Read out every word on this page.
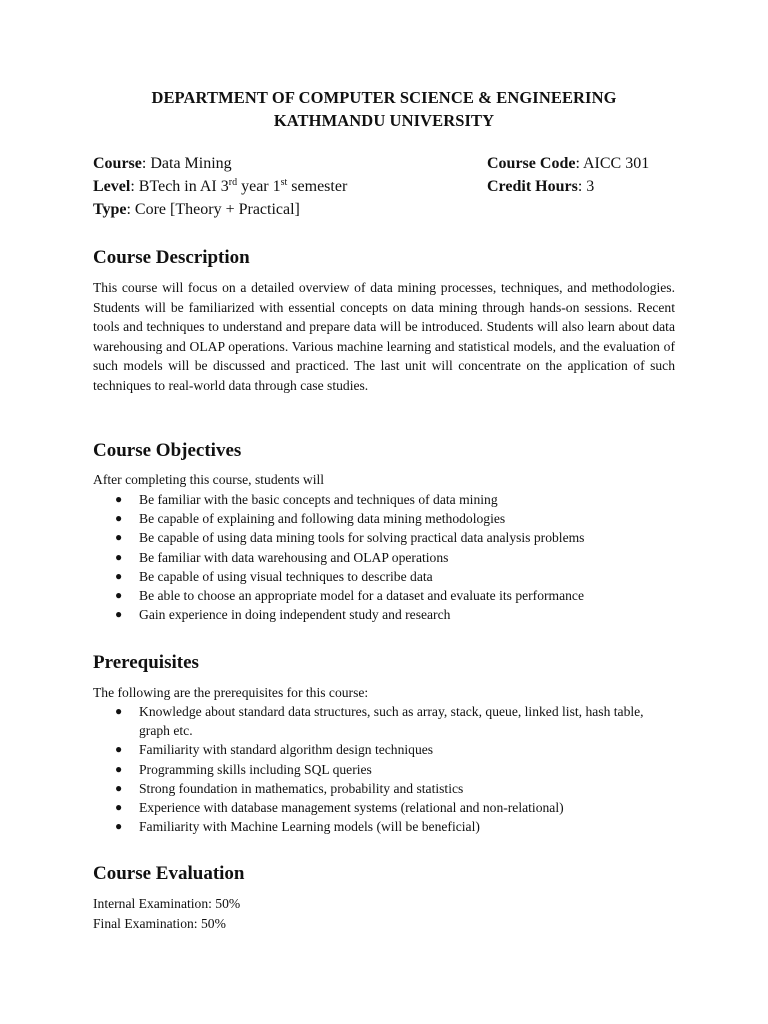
DEPARTMENT OF COMPUTER SCIENCE & ENGINEERING
KATHMANDU UNIVERSITY
Course: Data Mining	Course Code: AICC 301
Level: BTech in AI 3rd year 1st semester	Credit Hours: 3
Type: Core [Theory + Practical]
Course Description
This course will focus on a detailed overview of data mining processes, techniques, and methodologies. Students will be familiarized with essential concepts on data mining through hands-on sessions. Recent tools and techniques to understand and prepare data will be introduced. Students will also learn about data warehousing and OLAP operations. Various machine learning and statistical models, and the evaluation of such models will be discussed and practiced. The last unit will concentrate on the application of such techniques to real-world data through case studies.
Course Objectives
After completing this course, students will
● Be familiar with the basic concepts and techniques of data mining
● Be capable of explaining and following data mining methodologies
● Be capable of using data mining tools for solving practical data analysis problems
● Be familiar with data warehousing and OLAP operations
● Be capable of using visual techniques to describe data
● Be able to choose an appropriate model for a dataset and evaluate its performance
● Gain experience in doing independent study and research
Prerequisites
The following are the prerequisites for this course:
● Knowledge about standard data structures, such as array, stack, queue, linked list, hash table, graph etc.
● Familiarity with standard algorithm design techniques
● Programming skills including SQL queries
● Strong foundation in mathematics, probability and statistics
● Experience with database management systems (relational and non-relational)
● Familiarity with Machine Learning models (will be beneficial)
Course Evaluation
Internal Examination: 50%
Final Examination: 50%
